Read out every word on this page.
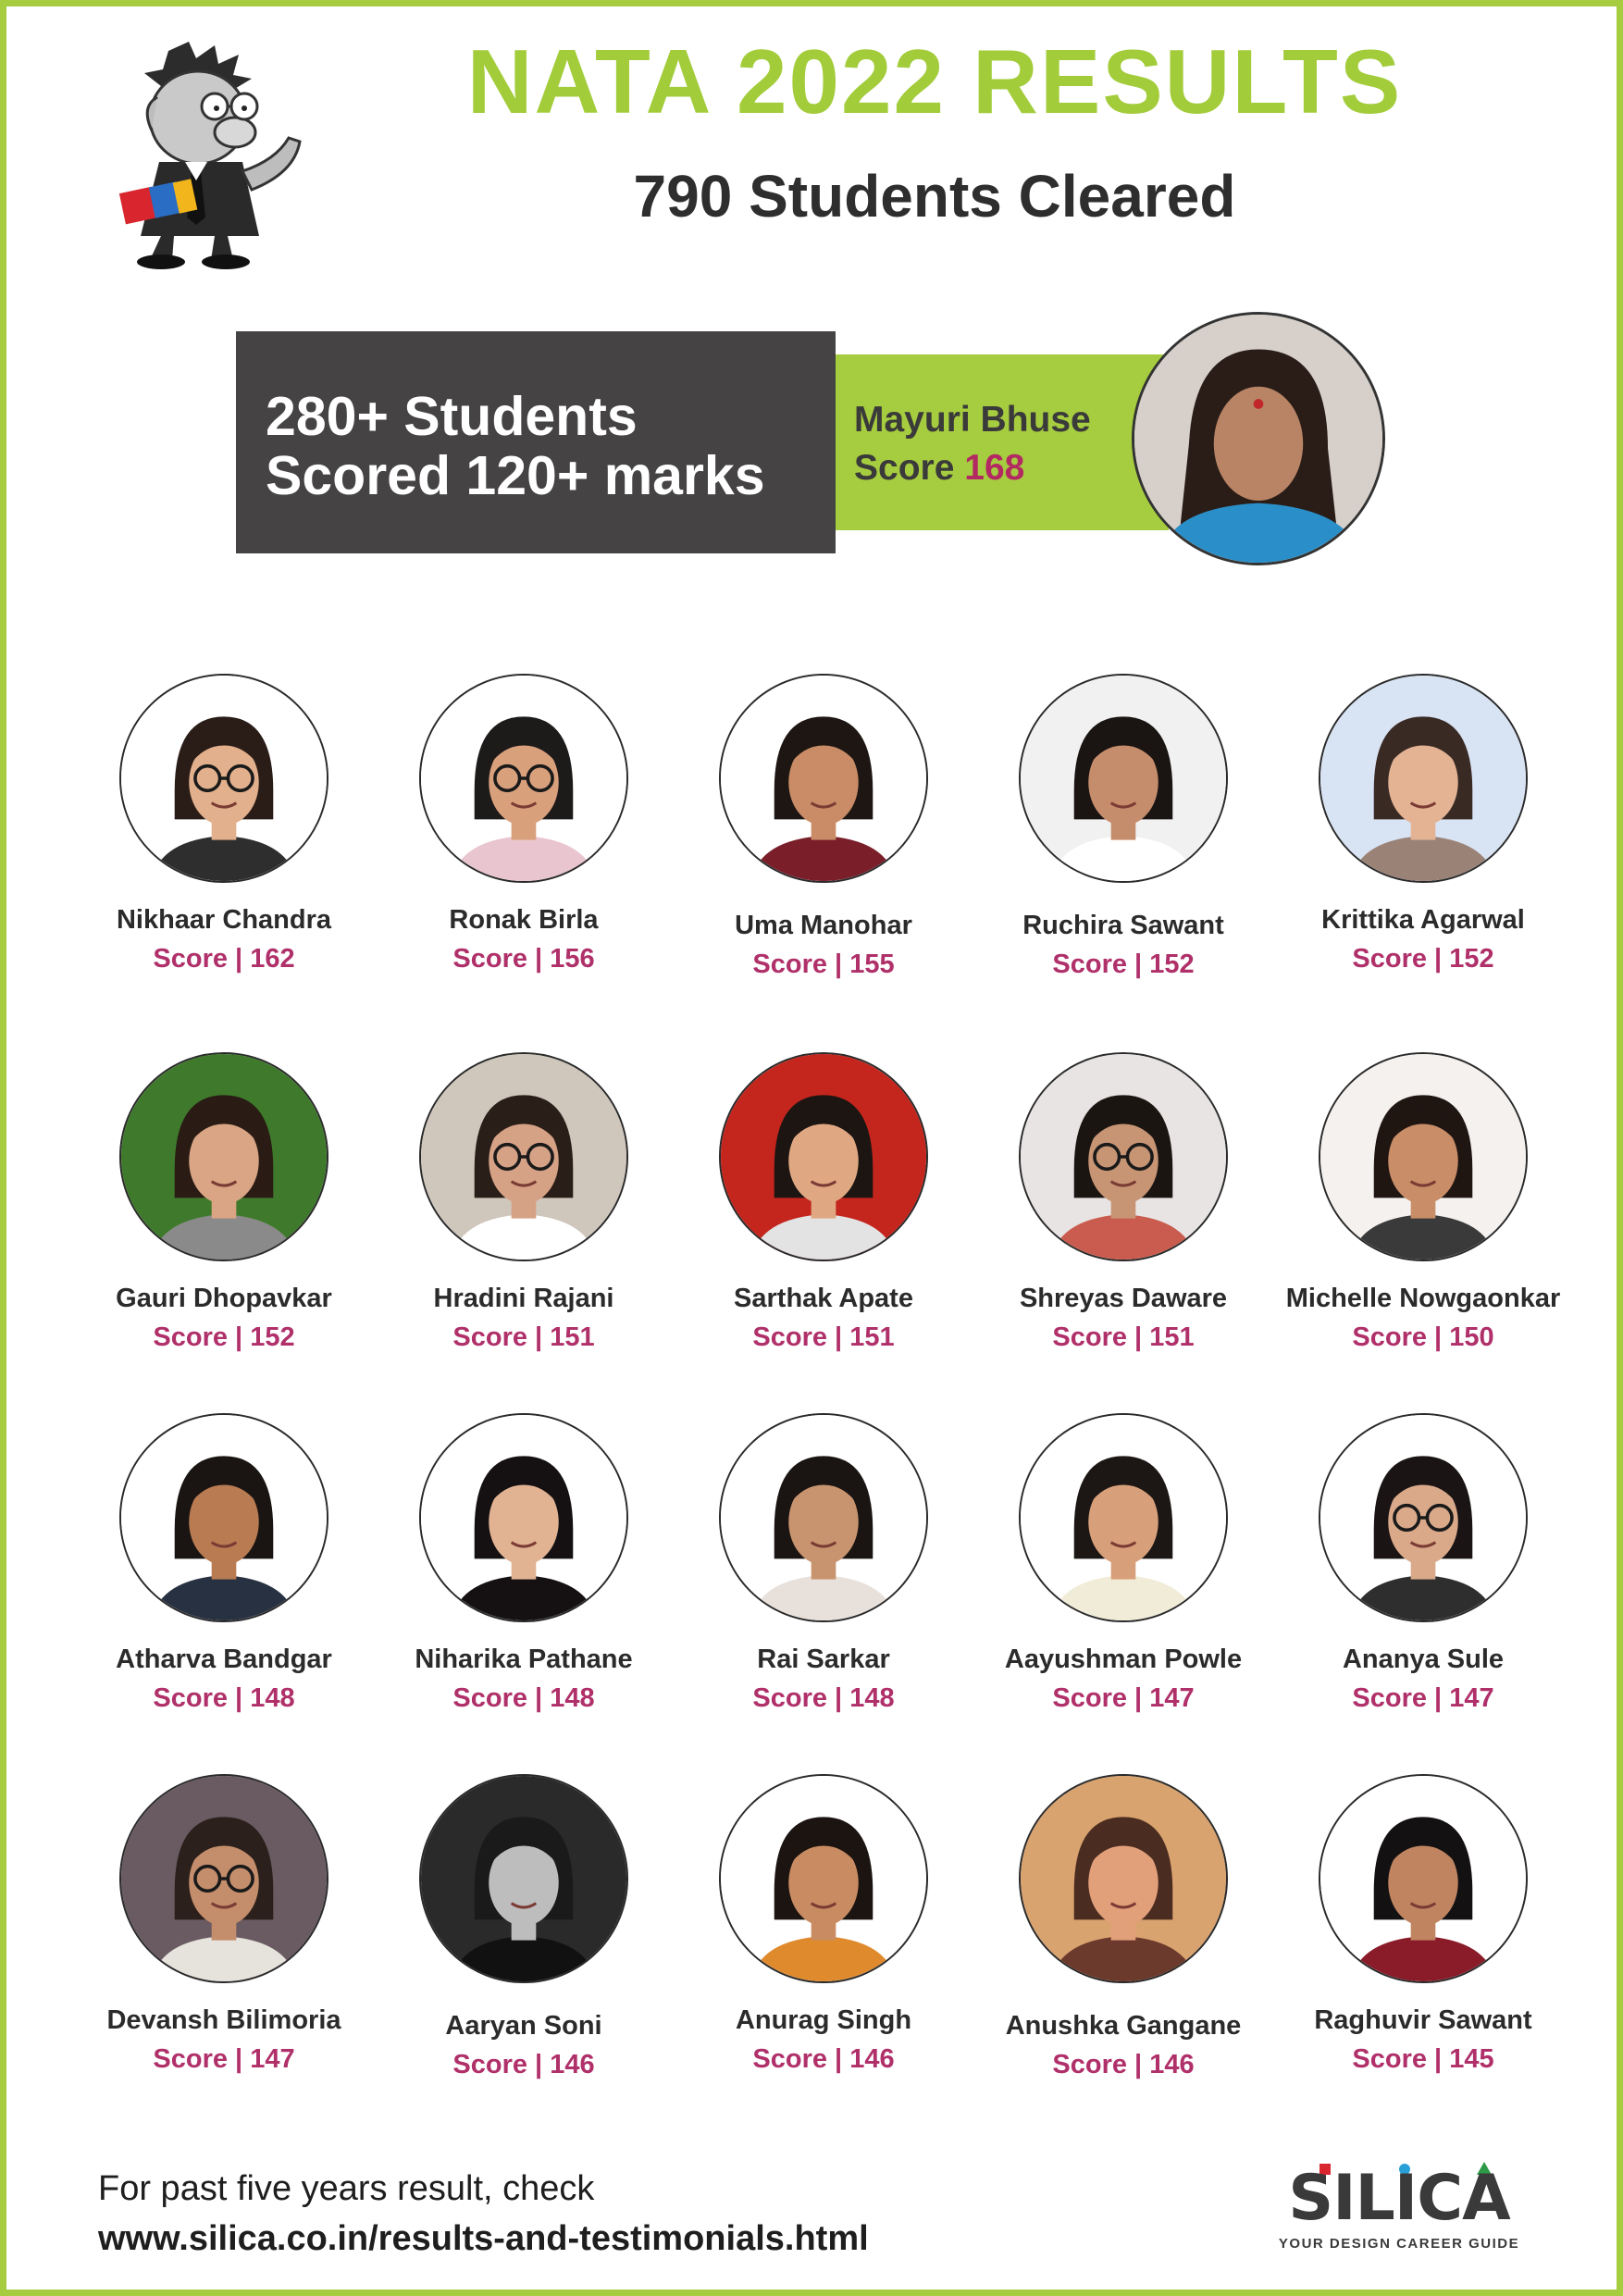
NATA 2022 RESULTS
790 Students Cleared
280+ Students
Scored 120+ marks
Mayuri Bhuse
Score 168
Nikhaar Chandra
Score | 162
Ronak Birla
Score | 156
Uma Manohar
Score | 155
Ruchira Sawant
Score | 152
Krittika Agarwal
Score | 152
Gauri Dhopavkar
Score | 152
Hradini Rajani
Score | 151
Sarthak Apate
Score | 151
Shreyas Daware
Score | 151
Michelle Nowgaonkar
Score | 150
Atharva Bandgar
Score | 148
Niharika Pathane
Score | 148
Rai Sarkar
Score | 148
Aayushman Powle
Score | 147
Ananya Sule
Score | 147
Devansh Bilimoria
Score | 147
Aaryan Soni
Score | 146
Anurag Singh
Score | 146
Anushka Gangane
Score | 146
Raghuvir Sawant
Score | 145
For past five years result, check
www.silica.co.in/results-and-testimonials.html
SILICA
YOUR DESIGN CAREER GUIDE
